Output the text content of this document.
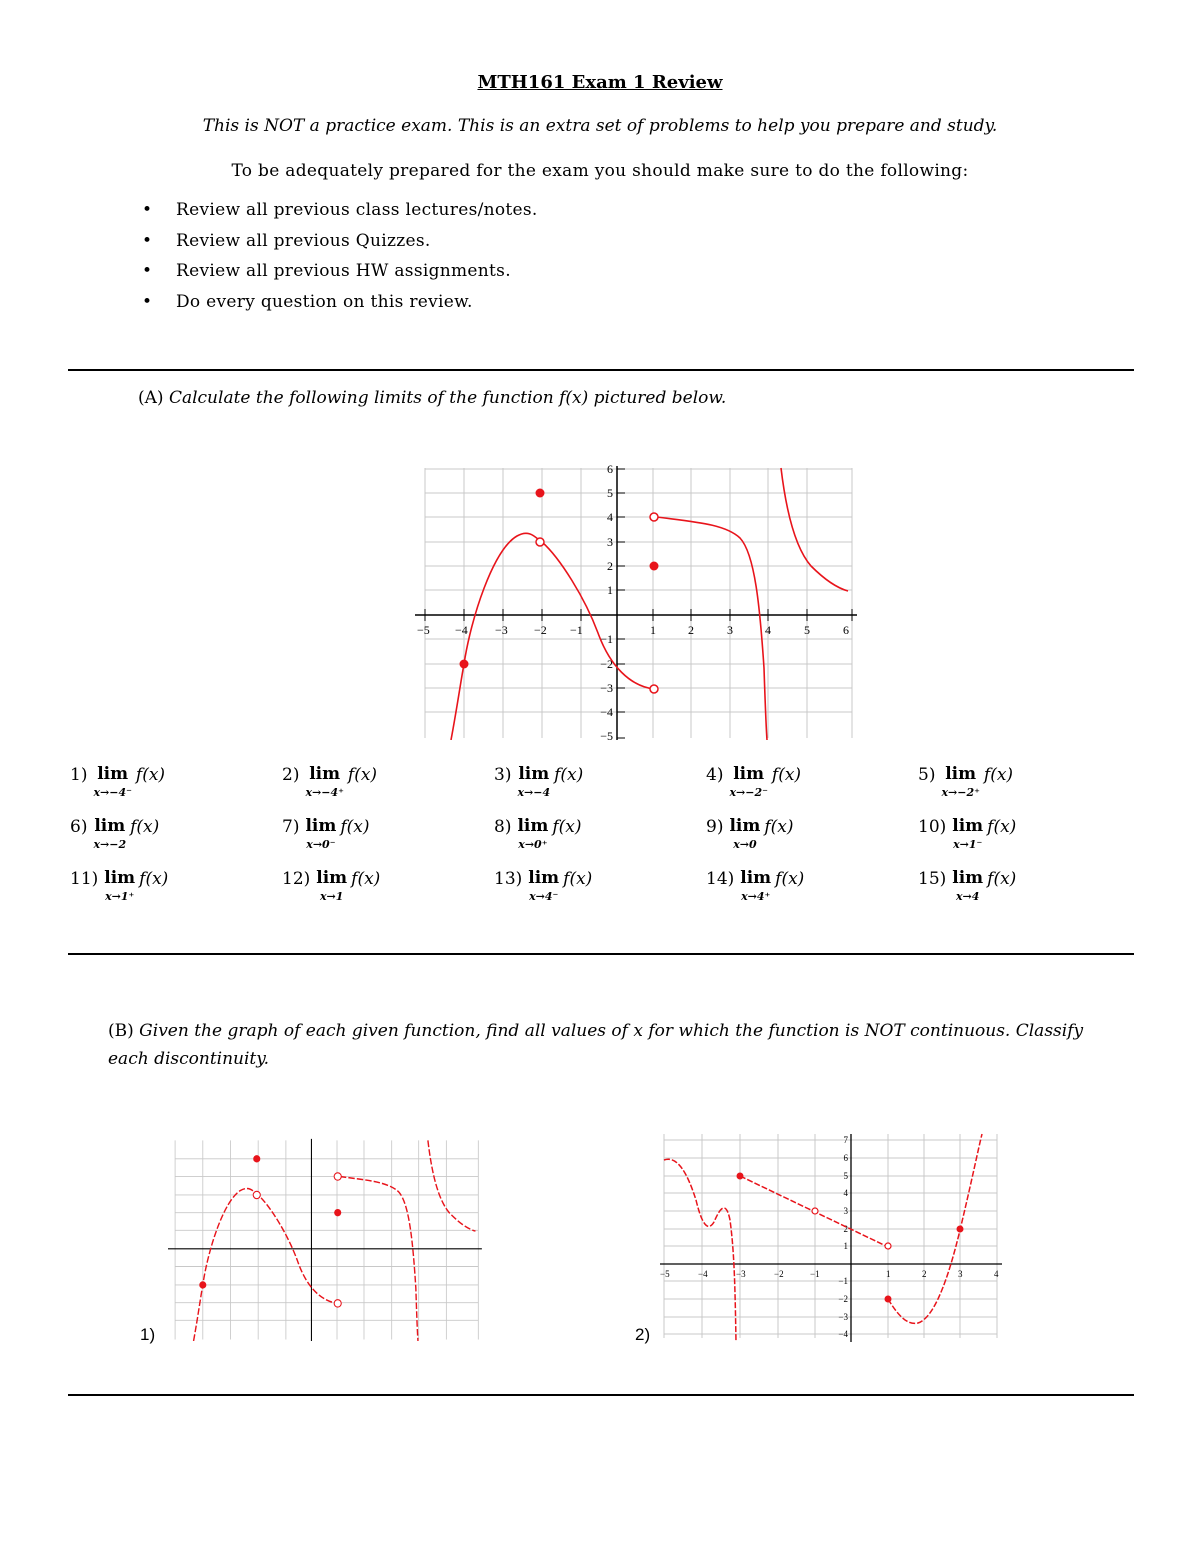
MTH161 Exam 1 Review
This is NOT a practice exam. This is an extra set of problems to help you prepare and study.
To be adequately prepared for the exam you should make sure to do the following:
• Review all previous class lectures/notes.
• Review all previous Quizzes.
• Review all previous HW assignments.
• Do every question on this review.
(A) Calculate the following limits of the function f(x) pictured below.
−5 −4 −3 −2 −1	1	2	3	4	5	6
6
5
4
3
2
1
−1
−2
−3
−4
−5
1) lim
x→−4⁻
f(x)	2) lim
x→−4⁺
f(x)	3) lim
x→−4
f(x)	4) lim
x→−2⁻
f(x)	5) lim
x→−2⁺
f(x)
6) lim
x→−2
f(x)	7) lim
x→0⁻
f(x)	8) lim
x→0⁺
f(x)	9) lim
x→0
f(x)	10) lim
x→1⁻
f(x)
11) lim
x→1⁺
f(x)	12) lim
x→1
f(x)	13) lim
x→4⁻
f(x)	14) lim
x→4⁺
f(x)	15) lim
x→4
f(x)
(B) Given the graph of each given function, find all values of x for which the function is NOT continuous. Classify each discontinuity.
1)
−5	−4	−3	−2	−1	1	2	3	4
7
6
5
4
3
2
1
−1
−2
−3
−4
2)
